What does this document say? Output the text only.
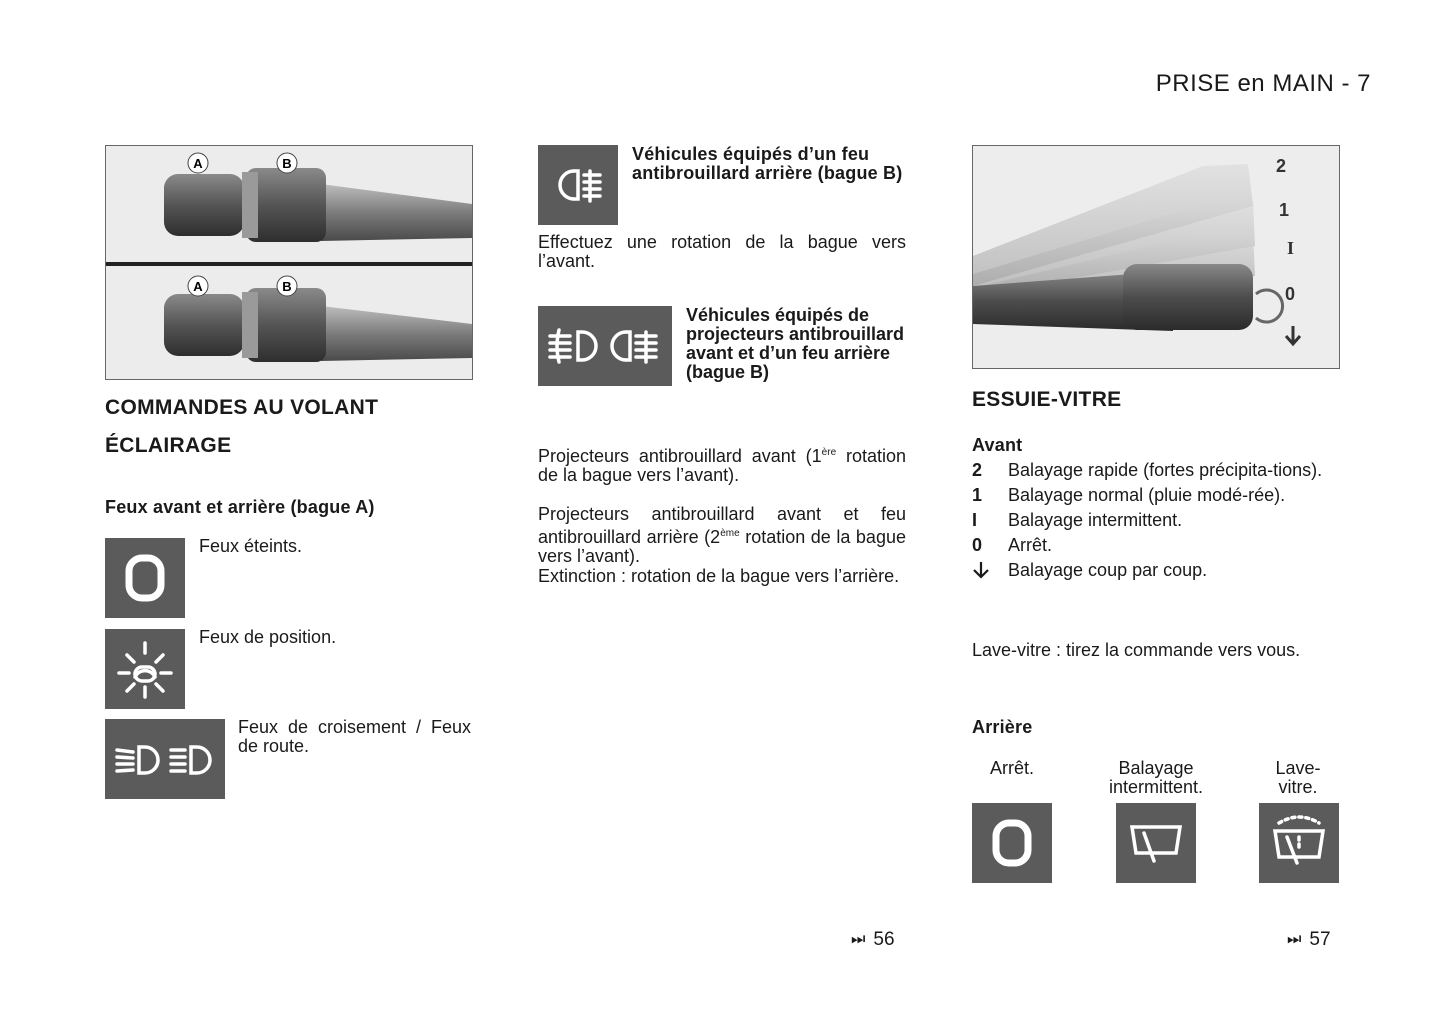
PRISE en MAIN - 7
A	B
A	B
COMMANDES AU VOLANT
ÉCLAIRAGE
Feux avant et arrière (bague A)
Feux éteints.
Feux de position.
Feux de croisement / Feux de route.
Véhicules équipés d’un feu antibrouillard arrière (bague B)
Effectuez une rotation de la bague vers l’avant.
Véhicules équipés de projecteurs antibrouillard avant et d’un feu arrière (bague B)
Projecteurs antibrouillard avant (1ère rotation de la bague vers l’avant).
Projecteurs antibrouillard avant et feu antibrouillard arrière (2ème rotation de la bague vers l’avant).
Extinction : rotation de la bague vers l’arrière.
2
1
I
0
ESSUIE-VITRE
Avant
2	Balayage rapide (fortes précipita-tions).
1	Balayage normal (pluie modé-rée).
I	Balayage intermittent.
0	Arrêt.
Balayage coup par coup.
Lave-vitre : tirez la commande vers vous.
Arrière
Arrêt.	Balayage intermittent.
Lave-vitre.
⏭ 56	⏭ 57
